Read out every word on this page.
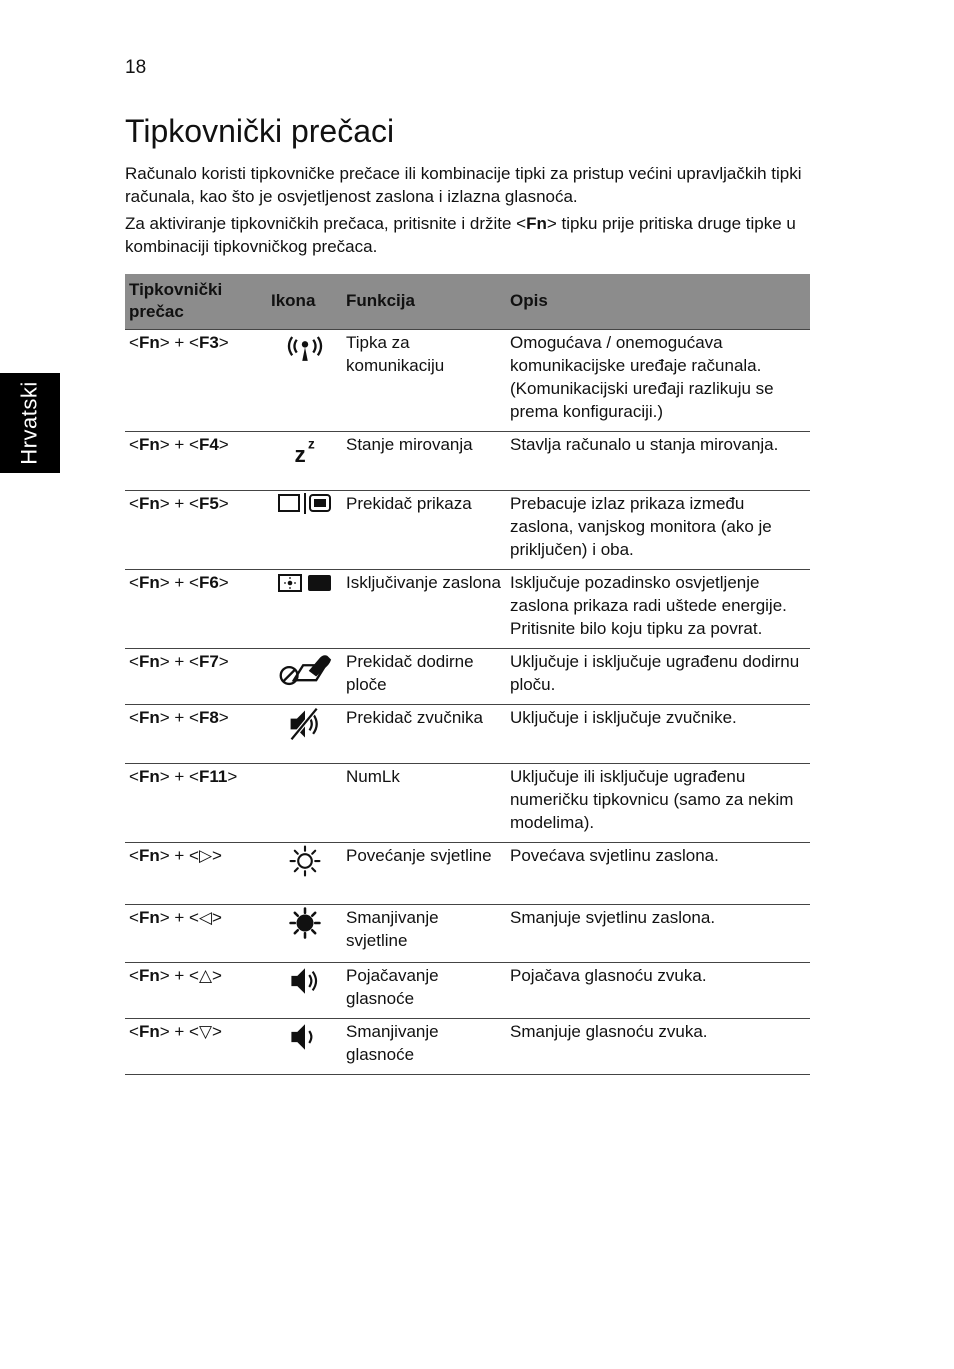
18
Hrvatski
Tipkovnički prečaci

Računalo koristi tipkovničke prečace ili kombinacije tipki za pristup većini upravljačkih tipki računala, kao što je osvjetljenost zaslona i izlazna glasnoća.

Za aktiviranje tipkovničkih prečaca, pritisnite i držite <Fn> tipku prije pritiska druge tipke u kombinaciji tipkovničkog prečaca.

Tipkovnički prečac	Ikona	Funkcija	Opis
<Fn> + <F3>		Tipka za komunikaciju	Omogućava / onemogućava komunikacijske uređaje računala. (Komunikacijski uređaji razlikuju se prema konfiguraciji.)
<Fn> + <F4>		Stanje mirovanja	Stavlja računalo u stanja mirovanja.
<Fn> + <F5>		Prekidač prikaza	Prebacuje izlaz prikaza između zaslona, vanjskog monitora (ako je priključen) i oba.
<Fn> + <F6>		Isključivanje zaslona	Isključuje pozadinsko osvjetljenje zaslona prikaza radi uštede energije. Pritisnite bilo koju tipku za povrat.
<Fn> + <F7>		Prekidač dodirne ploče	Uključuje i isključuje ugrađenu dodirnu ploču.
<Fn> + <F8>		Prekidač zvučnika	Uključuje i isključuje zvučnike.
<Fn> + <F11>		NumLk	Uključuje ili isključuje ugrađenu numeričku tipkovnicu (samo za nekim modelima).
<Fn> + <▷>		Povećanje svjetline	Povećava svjetlinu zaslona.
<Fn> + <◁>		Smanjivanje svjetline	Smanjuje svjetlinu zaslona.
<Fn> + <△>		Pojačavanje glasnoće	Pojačava glasnoću zvuka.
<Fn> + <▽>		Smanjivanje glasnoće	Smanjuje glasnoću zvuka.
